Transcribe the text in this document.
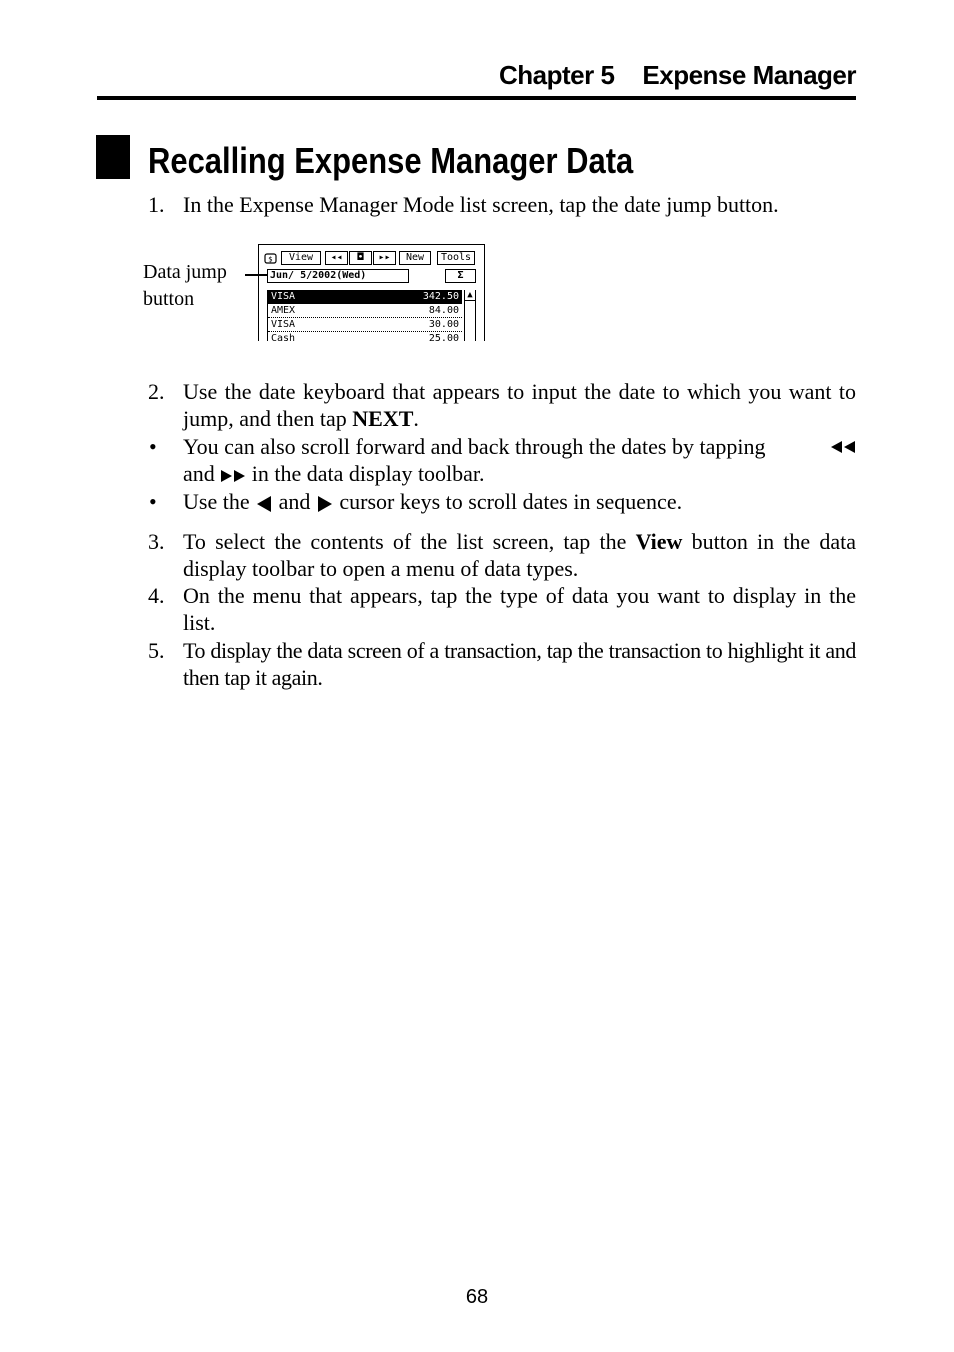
Chapter 5 Expense Manager
Recalling Expense Manager Data
1. In the Expense Manager Mode list screen, tap the date jump button.
Data jump
button
$	View	◂◂	◘	▸▸	New	Tools
Jun/ 5/2002(Wed)	Σ
VISA	342.50
AMEX	84.00
VISA	30.00
Cash	25.00
▲
2. Use the date keyboard that appears to input the date to which you want to jump, and then tap NEXT.
• You can also scroll forward and back through the dates by tapping
and in the data display toolbar.
• Use the and cursor keys to scroll dates in sequence.
3. To select the contents of the list screen, tap the View button in the data display toolbar to open a menu of data types.
4. On the menu that appears, tap the type of data you want to display in the list.
5. To display the data screen of a transaction, tap the transaction to highlight it and then tap it again.
68
